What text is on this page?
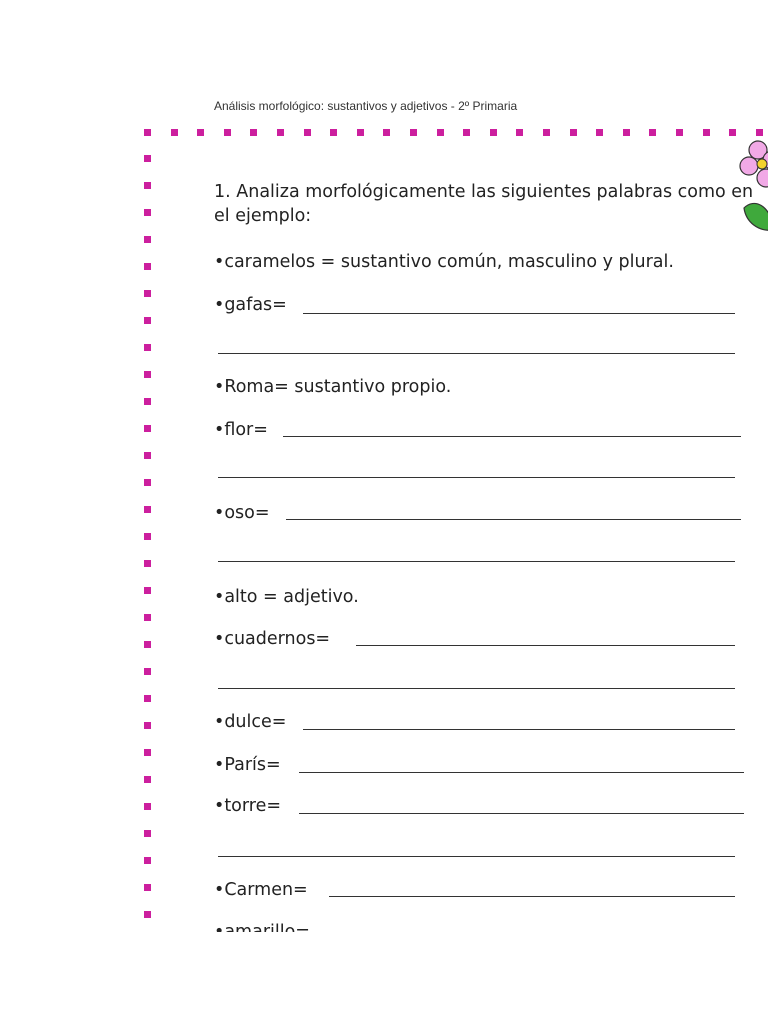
Análisis morfológico: sustantivos y adjetivos - 2º Primaria
1. Analiza morfológicamente las siguientes palabras como en el ejemplo:
•caramelos = sustantivo común, masculino y plural.
•gafas=
•Roma= sustantivo propio.
•flor=
•oso=
•alto = adjetivo.
•cuadernos=
•dulce=
•París=
•torre=
•Carmen=
